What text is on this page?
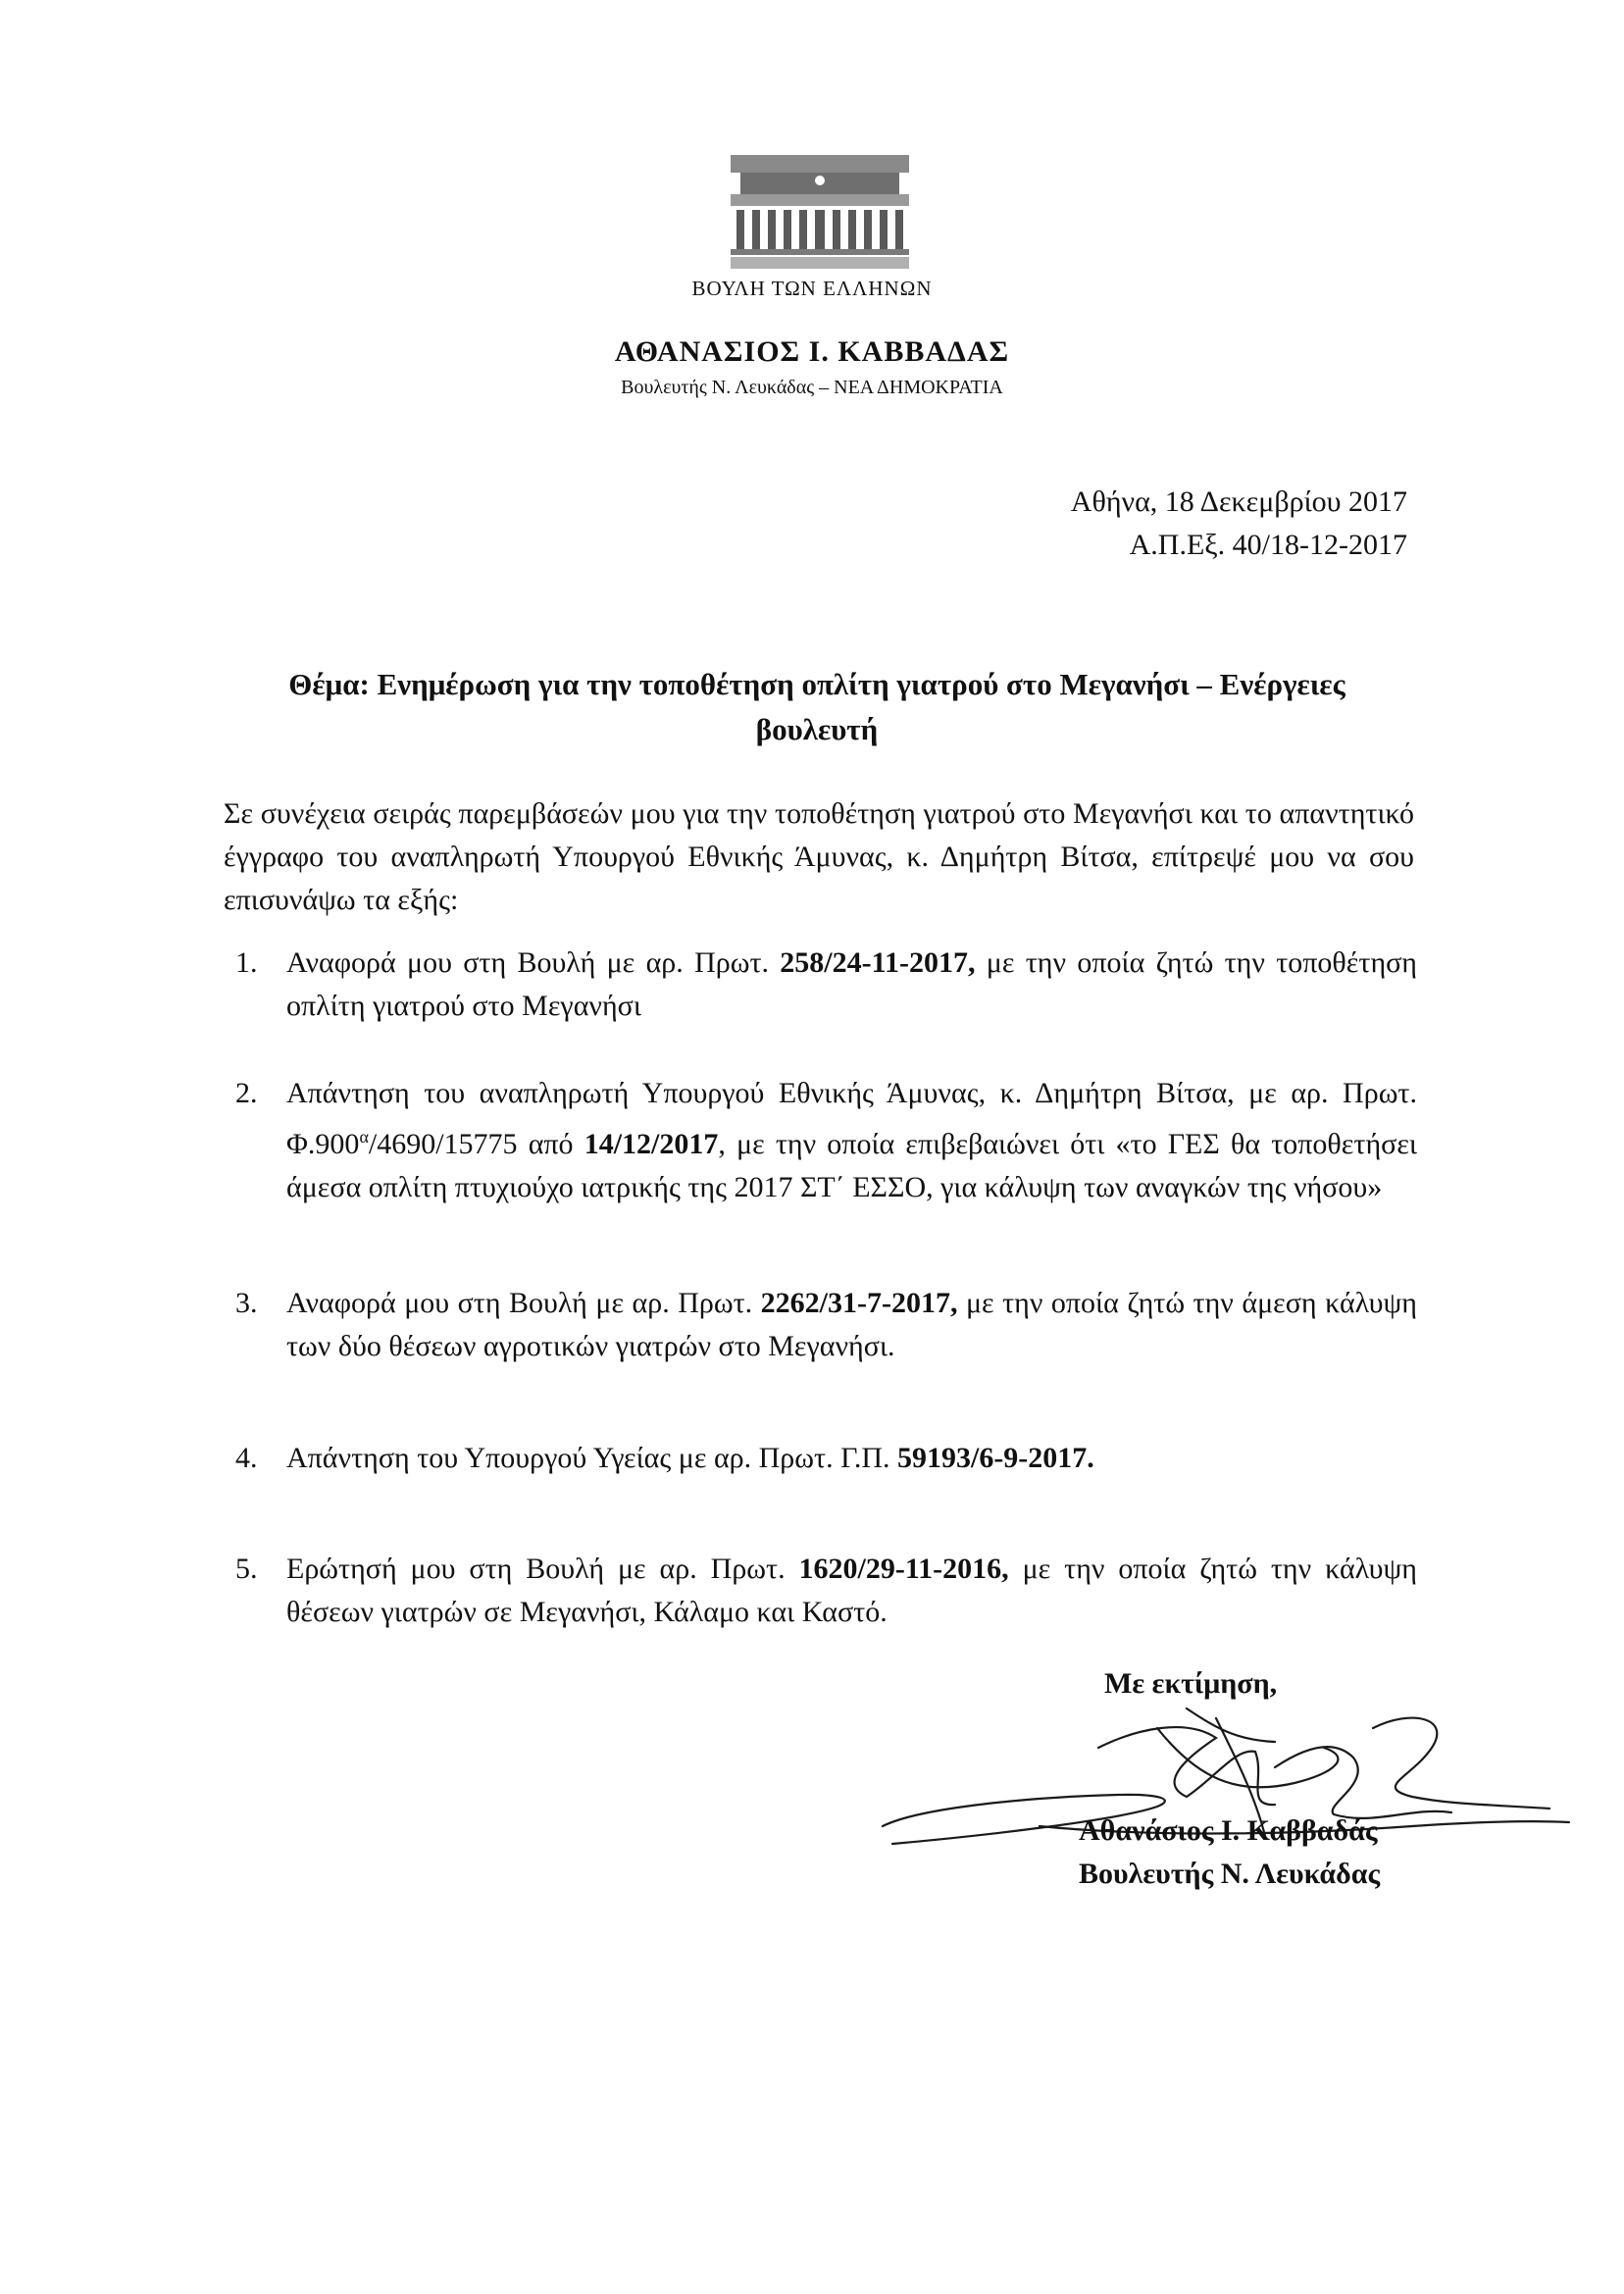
ΒΟΥΛΗ ΤΩΝ ΕΛΛΗΝΩΝ
ΑΘΑΝΑΣΙΟΣ Ι. ΚΑΒΒΑΔΑΣ
Βουλευτής Ν. Λευκάδας – ΝΕΑ ΔΗΜΟΚΡΑΤΙΑ
Αθήνα, 18 Δεκεμβρίου 2017
Α.Π.Εξ. 40/18-12-2017
Θέμα: Ενημέρωση για την τοποθέτηση οπλίτη γιατρού στο Μεγανήσι – Ενέργειες βουλευτή
Σε συνέχεια σειράς παρεμβάσεών μου για την τοποθέτηση γιατρού στο Μεγανήσι και το απαντητικό έγγραφο του αναπληρωτή Υπουργού Εθνικής Άμυνας, κ. Δημήτρη Βίτσα, επίτρεψέ μου να σου επισυνάψω τα εξής:
1. Αναφορά μου στη Βουλή με αρ. Πρωτ. 258/24-11-2017, με την οποία ζητώ την τοποθέτηση οπλίτη γιατρού στο Μεγανήσι
2. Απάντηση του αναπληρωτή Υπουργού Εθνικής Άμυνας, κ. Δημήτρη Βίτσα, με αρ. Πρωτ. $\Phi.900^\alpha/4690/15775$ από 14/12/2017, με την οποία επιβεβαιώνει ότι «το ΓΕΣ θα τοποθετήσει άμεσα οπλίτη πτυχιούχο ιατρικής της 2017 ΣΤ΄ ΕΣΣΟ, για κάλυψη των αναγκών της νήσου»
3. Αναφορά μου στη Βουλή με αρ. Πρωτ. 2262/31-7-2017, με την οποία ζητώ την άμεση κάλυψη των δύο θέσεων αγροτικών γιατρών στο Μεγανήσι.
4. Απάντηση του Υπουργού Υγείας με αρ. Πρωτ. Γ.Π. 59193/6-9-2017.
5. Ερώτησή μου στη Βουλή με αρ. Πρωτ. 1620/29-11-2016, με την οποία ζητώ την κάλυψη θέσεων γιατρών σε Μεγανήσι, Κάλαμο και Καστό.
Με εκτίμηση,
Αθανάσιος Ι. Καββαδάς
Βουλευτής Ν. Λευκάδας
